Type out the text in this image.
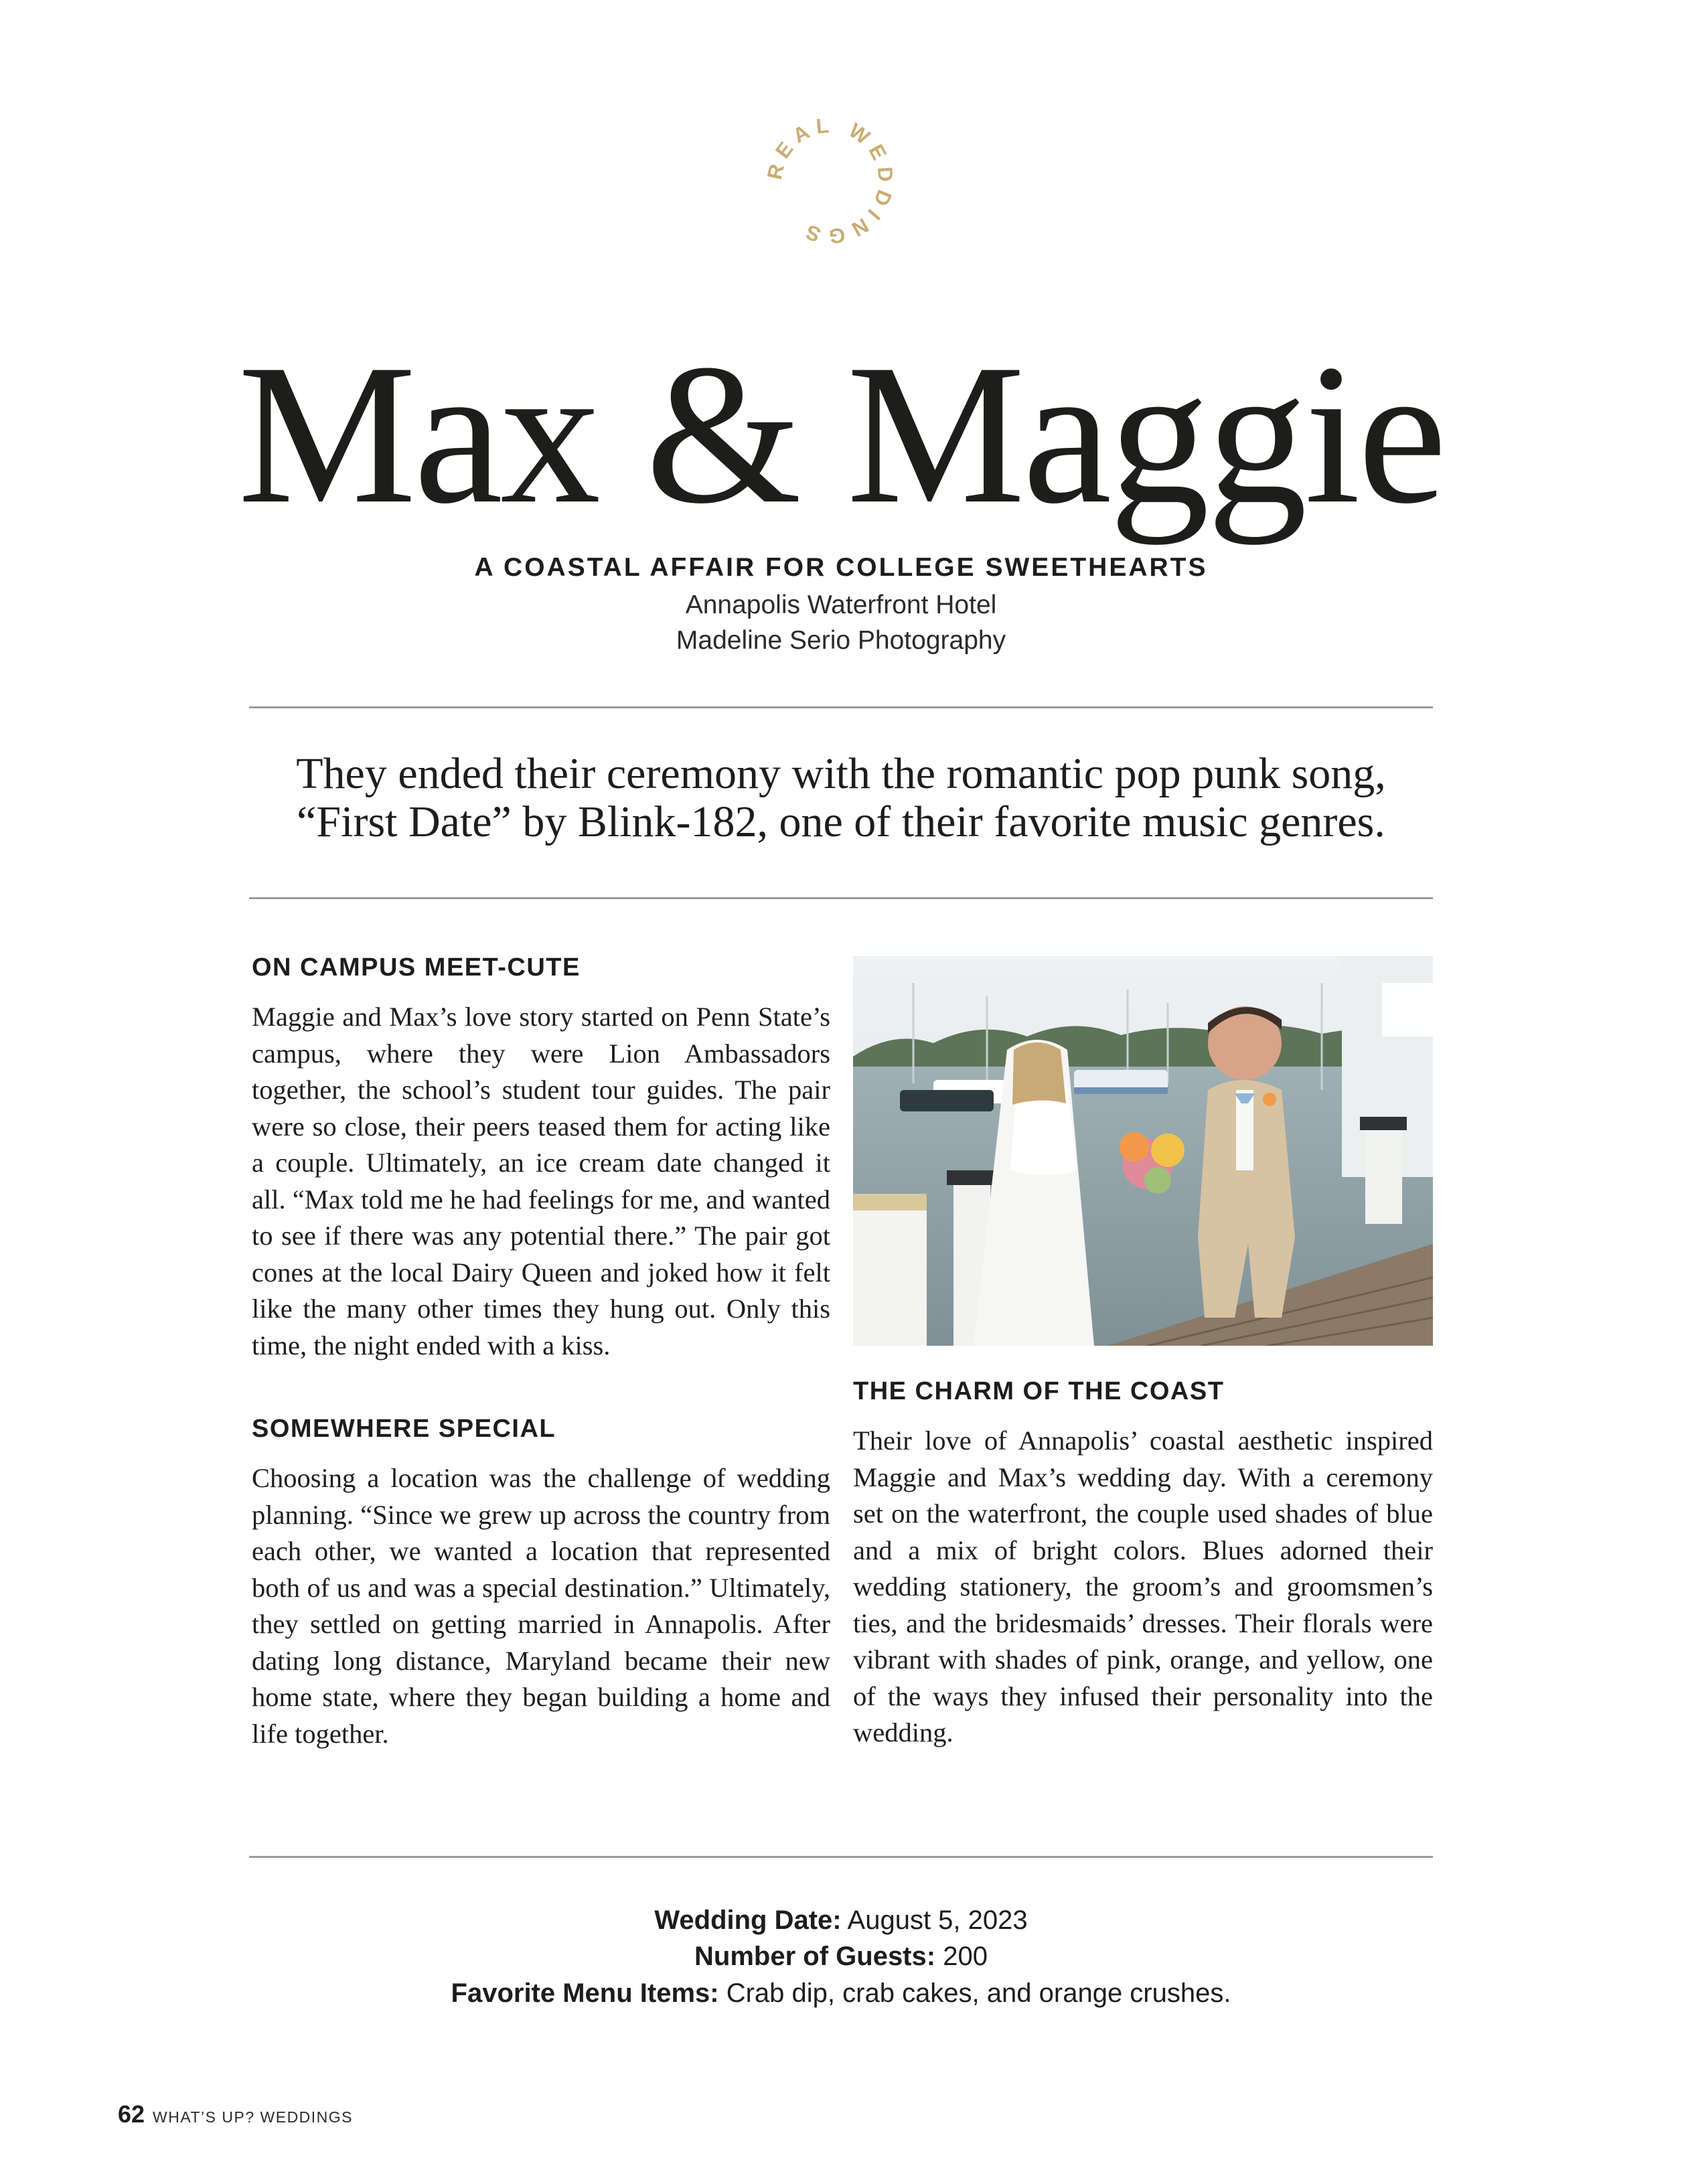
REAL WEDDINGS
Max & Maggie
A COASTAL AFFAIR FOR COLLEGE SWEETHEARTS
Annapolis Waterfront Hotel
Madeline Serio Photography
They ended their ceremony with the romantic pop punk song, “First Date” by Blink-182, one of their favorite music genres.
ON CAMPUS MEET-CUTE
Maggie and Max’s love story started on Penn State’s campus, where they were Lion Ambassadors together, the school’s student tour guides. The pair were so close, their peers teased them for acting like a couple. Ultimately, an ice cream date changed it all. “Max told me he had feelings for me, and wanted to see if there was any potential there.” The pair got cones at the local Dairy Queen and joked how it felt like the many other times they hung out. Only this time, the night ended with a kiss.
SOMEWHERE SPECIAL
Choosing a location was the challenge of wedding planning. “Since we grew up across the country from each other, we wanted a location that represented both of us and was a special destination.” Ultimately, they settled on getting married in Annapolis. After dating long distance, Maryland became their new home state, where they began building a home and life together.
THE CHARM OF THE COAST
Their love of Annapolis’ coastal aesthetic inspired Maggie and Max’s wedding day. With a ceremony set on the waterfront, the couple used shades of blue and a mix of bright colors. Blues adorned their wedding stationery, the groom’s and groomsmen’s ties, and the bridesmaids’ dresses. Their florals were vibrant with shades of pink, orange, and yellow, one of the ways they infused their personality into the wedding.
Wedding Date: August 5, 2023
Number of Guests: 200
Favorite Menu Items: Crab dip, crab cakes, and orange crushes.
62 WHAT’S UP? WEDDINGS
